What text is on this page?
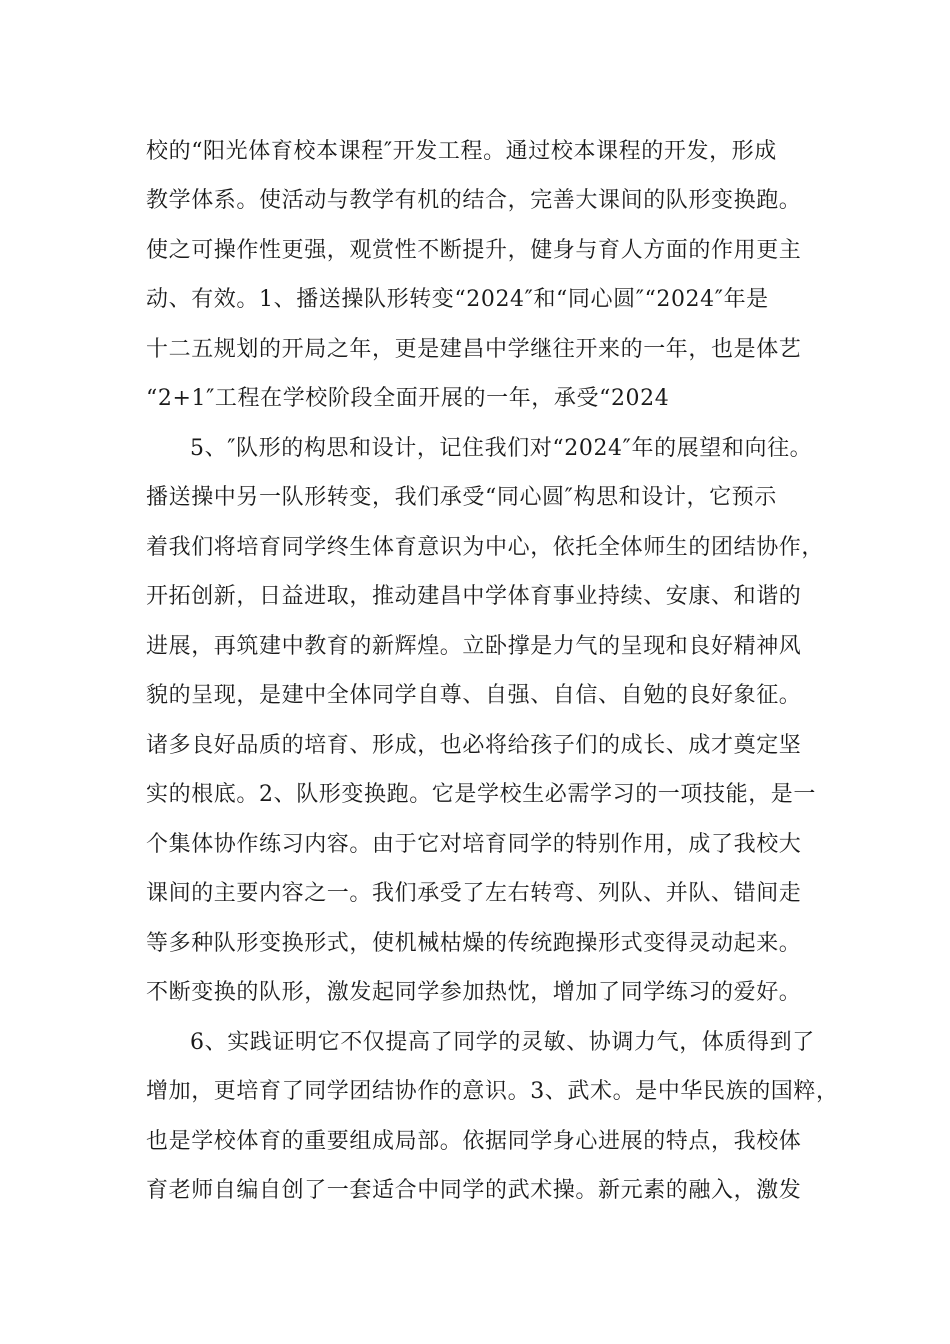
校的“阳光体育校本课程″开发工程。通过校本课程的开发，形成
教学体系。使活动与教学有机的结合，完善大课间的队形变换跑。
使之可操作性更强，观赏性不断提升，健身与育人方面的作用更主
动、有效。1、播送操队形转变“2024″和“同心圆″“2024″年是
十二五规划的开局之年，更是建昌中学继往开来的一年，也是体艺
“2+1″工程在学校阶段全面开展的一年，承受“2024
5、″队形的构思和设计，记住我们对“2024″年的展望和向往。
播送操中另一队形转变，我们承受“同心圆″构思和设计，它预示
着我们将培育同学终生体育意识为中心，依托全体师生的团结协作，
开拓创新，日益进取，推动建昌中学体育事业持续、安康、和谐的
进展，再筑建中教育的新辉煌。立卧撑是力气的呈现和良好精神风
貌的呈现，是建中全体同学自尊、自强、自信、自勉的良好象征。
诸多良好品质的培育、形成，也必将给孩子们的成长、成才奠定坚
实的根底。2、队形变换跑。它是学校生必需学习的一项技能，是一
个集体协作练习内容。由于它对培育同学的特别作用，成了我校大
课间的主要内容之一。我们承受了左右转弯、列队、并队、错间走
等多种队形变换形式，使机械枯燥的传统跑操形式变得灵动起来。
不断变换的队形，激发起同学参加热忱，增加了同学练习的爱好。
6、实践证明它不仅提高了同学的灵敏、协调力气，体质得到了
增加，更培育了同学团结协作的意识。3、武术。是中华民族的国粹，
也是学校体育的重要组成局部。依据同学身心进展的特点，我校体
育老师自编自创了一套适合中同学的武术操。新元素的融入，激发
